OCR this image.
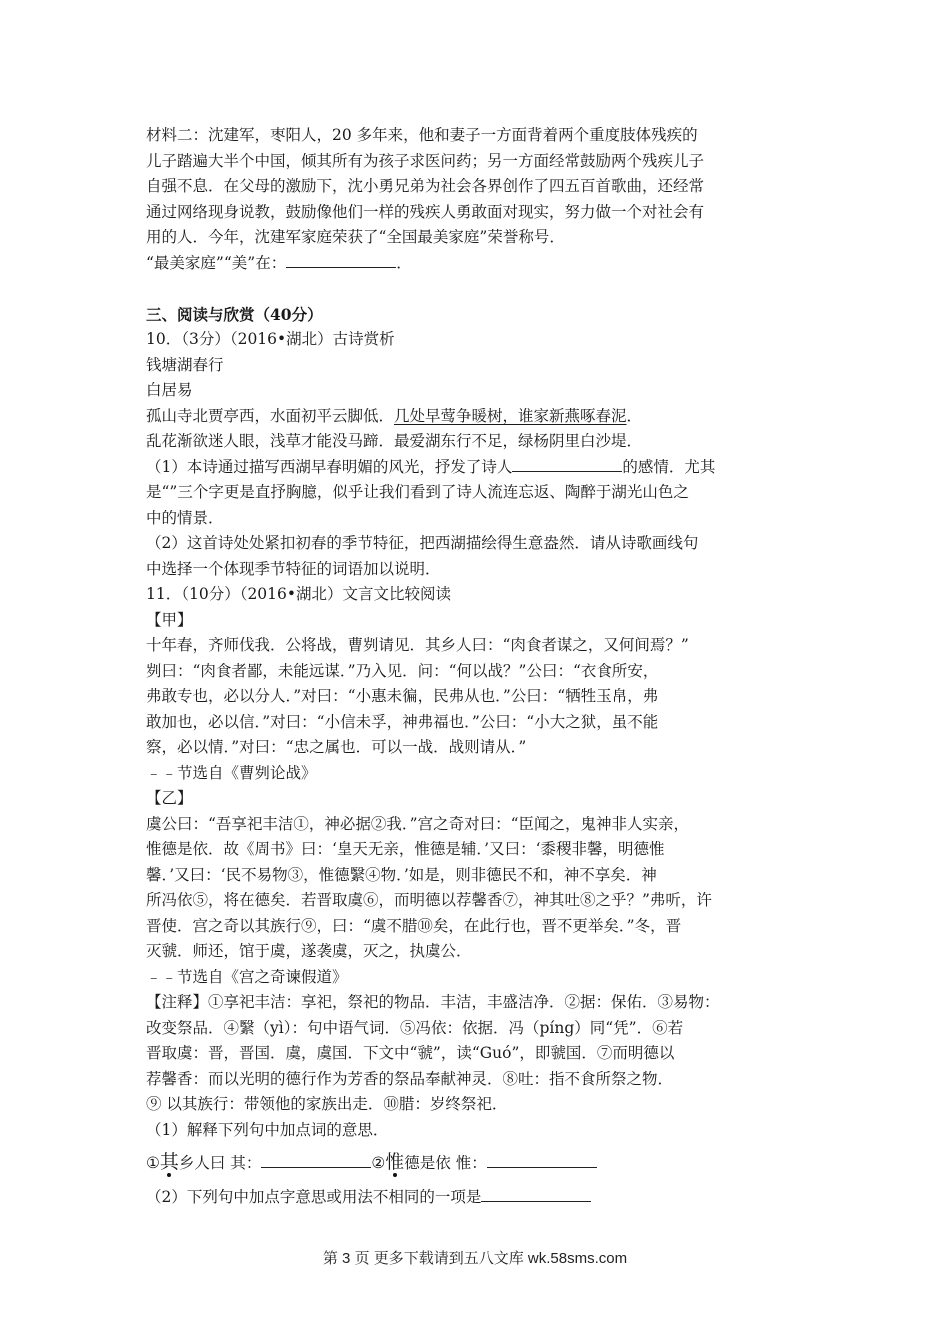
材料二：沈建军，枣阳人，20 多年来，他和妻子一方面背着两个重度肢体残疾的
儿子踏遍大半个中国，倾其所有为孩子求医问药；另一方面经常鼓励两个残疾儿子
自强不息．在父母的激励下，沈小勇兄弟为社会各界创作了四五百首歌曲，还经常
通过网络现身说教，鼓励像他们一样的残疾人勇敢面对现实，努力做一个对社会有
用的人．今年，沈建军家庭荣获了“全国最美家庭”荣誉称号．
“最美家庭”“美”在：	．
三、阅读与欣赏（40分）
10．（3分）（2016•湖北）古诗赏析
钱塘湖春行
白居易
孤山寺北贾亭西，水面初平云脚低．几处早莺争暖树，谁家新燕啄春泥．
乱花渐欲迷人眼，浅草才能没马蹄．最爱湖东行不足，绿杨阴里白沙堤．
（1）本诗通过描写西湖早春明媚的风光，抒发了诗人	的感情．尤其
是“”三个字更是直抒胸臆，似乎让我们看到了诗人流连忘返、陶醉于湖光山色之
中的情景．
（2）这首诗处处紧扣初春的季节特征，把西湖描绘得生意盎然．请从诗歌画线句
中选择一个体现季节特征的词语加以说明．
11．（10分）（2016•湖北）文言文比较阅读
【甲】
十年春，齐师伐我．公将战，曹刿请见．其乡人曰：“肉食者谋之，又何间焉？”
刿曰：“肉食者鄙，未能远谋．”乃入见．问：“何以战？”公曰：“衣食所安，
弗敢专也，必以分人．”对曰：“小惠未徧，民弗从也．”公曰：“牺牲玉帛，弗
敢加也，必以信．”对曰：“小信未孚，神弗福也．”公曰：“小大之狱，虽不能
察，必以情．”对曰：“忠之属也．可以一战．战则请从．”
﹣﹣节选自《曹刿论战》
【乙】
虞公曰：“吾享祀丰洁①，神必据②我．”宫之奇对曰：“臣闻之，鬼神非人实亲，
惟德是依．故《周书》曰：‘皇天无亲，惟德是辅．’又曰：‘黍稷非馨，明德惟
馨．’又曰：‘民不易物③，惟德繄④物．’如是，则非德民不和，神不享矣．神
所冯依⑤，将在德矣．若晋取虞⑥，而明德以荐馨香⑦，神其吐⑧之乎？”弗听，许
晋使．宫之奇以其族行⑨，曰：“虞不腊⑩矣，在此行也，晋不更举矣．”冬，晋
灭虢．师还，馆于虞，遂袭虞，灭之，执虞公．
﹣﹣节选自《宫之奇谏假道》
【注释】①享祀丰洁：享祀，祭祀的物品．丰洁，丰盛洁净．②据：保佑．③易物：
改变祭品．④繄（yì）：句中语气词．⑤冯依：依据．冯（píng）同“凭”．⑥若
晋取虞：晋，晋国．虞，虞国．下文中“虢”，读“Guó”，即虢国．⑦而明德以
荐馨香：而以光明的德行作为芳香的祭品奉献神灵．⑧吐：指不食所祭之物．
⑨ 以其族行：带领他的家族出走．⑩腊：岁终祭祀．
（1）解释下列句中加点词的意思．
①其乡人曰 其：	②惟德是依 惟：
（2）下列句中加点字意思或用法不相同的一项是
第 3 页 更多下载请到五八文库 wk.58sms.com
